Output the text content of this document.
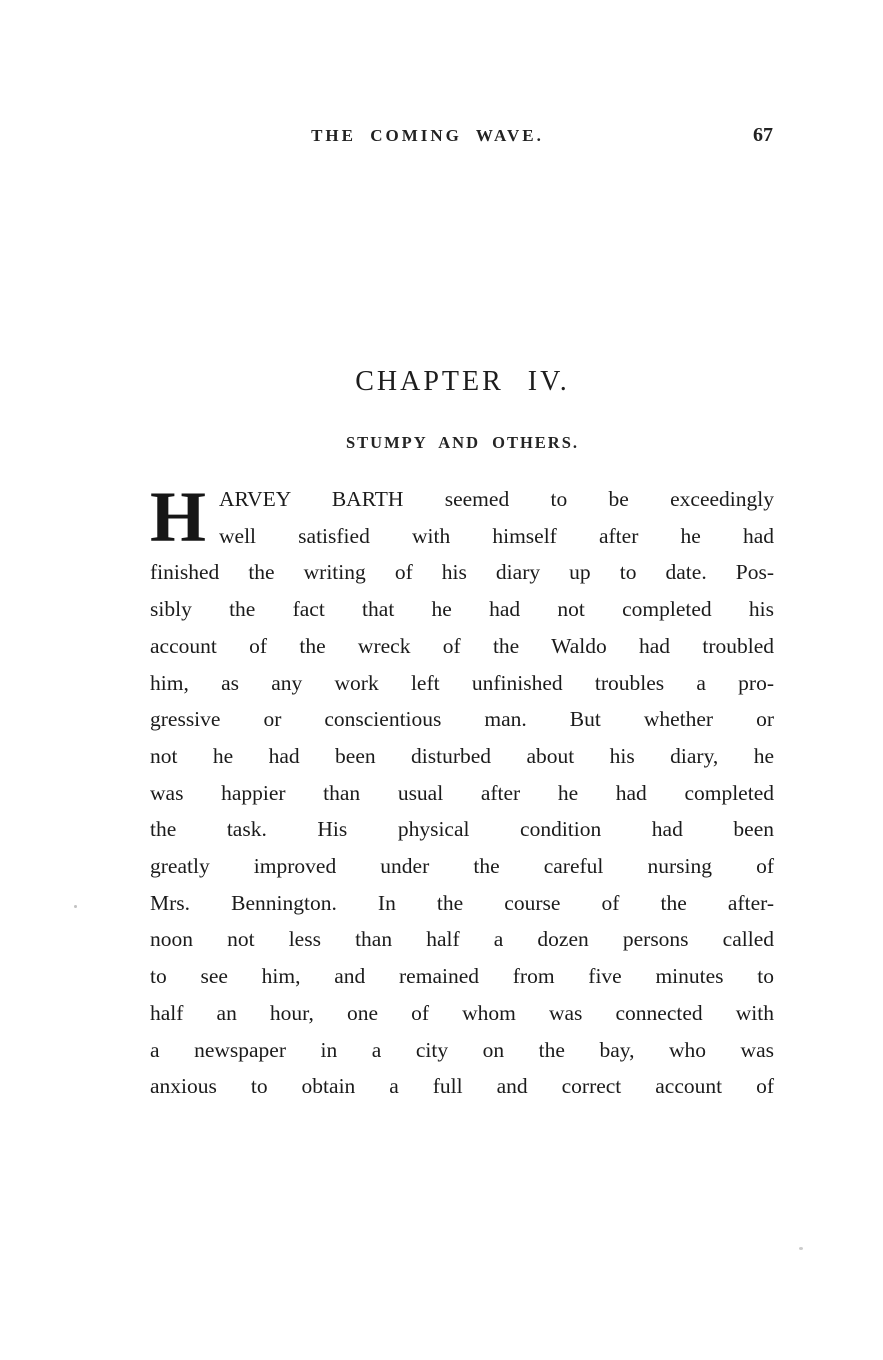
THE COMING WAVE.	67
CHAPTER IV.
STUMPY AND OTHERS.
H ARVEY BARTH seemed to be exceedingly
well satisfied with himself after he had
finished the writing of his diary up to date. Pos-
sibly the fact that he had not completed his
account of the wreck of the Waldo had troubled
him, as any work left unfinished troubles a pro-
gressive or conscientious man. But whether or
not he had been disturbed about his diary, he
was happier than usual after he had completed
the task. His physical condition had been
greatly improved under the careful nursing of
Mrs. Bennington. In the course of the after-
noon not less than half a dozen persons called
to see him, and remained from five minutes to
half an hour, one of whom was connected with
a newspaper in a city on the bay, who was
anxious to obtain a full and correct account of
